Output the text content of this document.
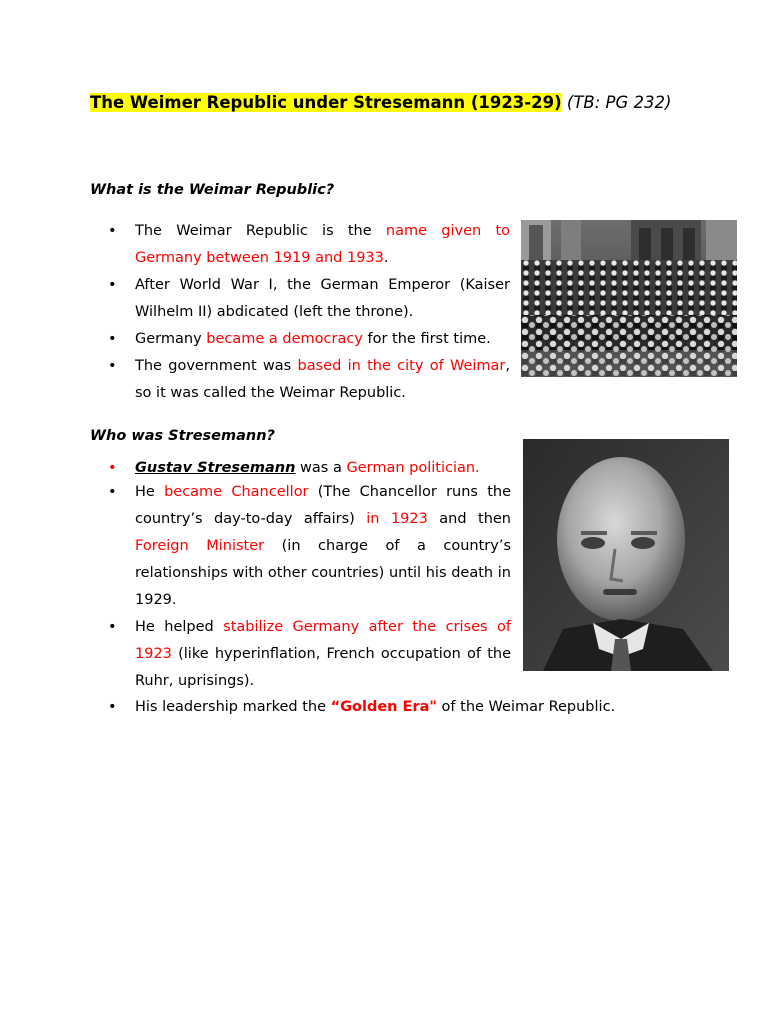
The Weimer Republic under Stresemann (1923-29) (TB: PG 232)
What is the Weimar Republic?
• The Weimar Republic is the name given to Germany between 1919 and 1933.
• After World War I, the German Emperor (Kaiser Wilhelm II) abdicated (left the throne).
• Germany became a democracy for the first time.
• The government was based in the city of Weimar, so it was called the Weimar Republic.
Who was Stresemann?
• Gustav Stresemann was a German politician.
• He became Chancellor (The Chancellor runs the country’s day-to-day affairs) in 1923 and then Foreign Minister (in charge of a country’s relationships with other countries) until his death in 1929.
• He helped stabilize Germany after the crises of 1923 (like hyperinflation, French occupation of the Ruhr, uprisings).
• His leadership marked the “Golden Era" of the Weimar Republic.
